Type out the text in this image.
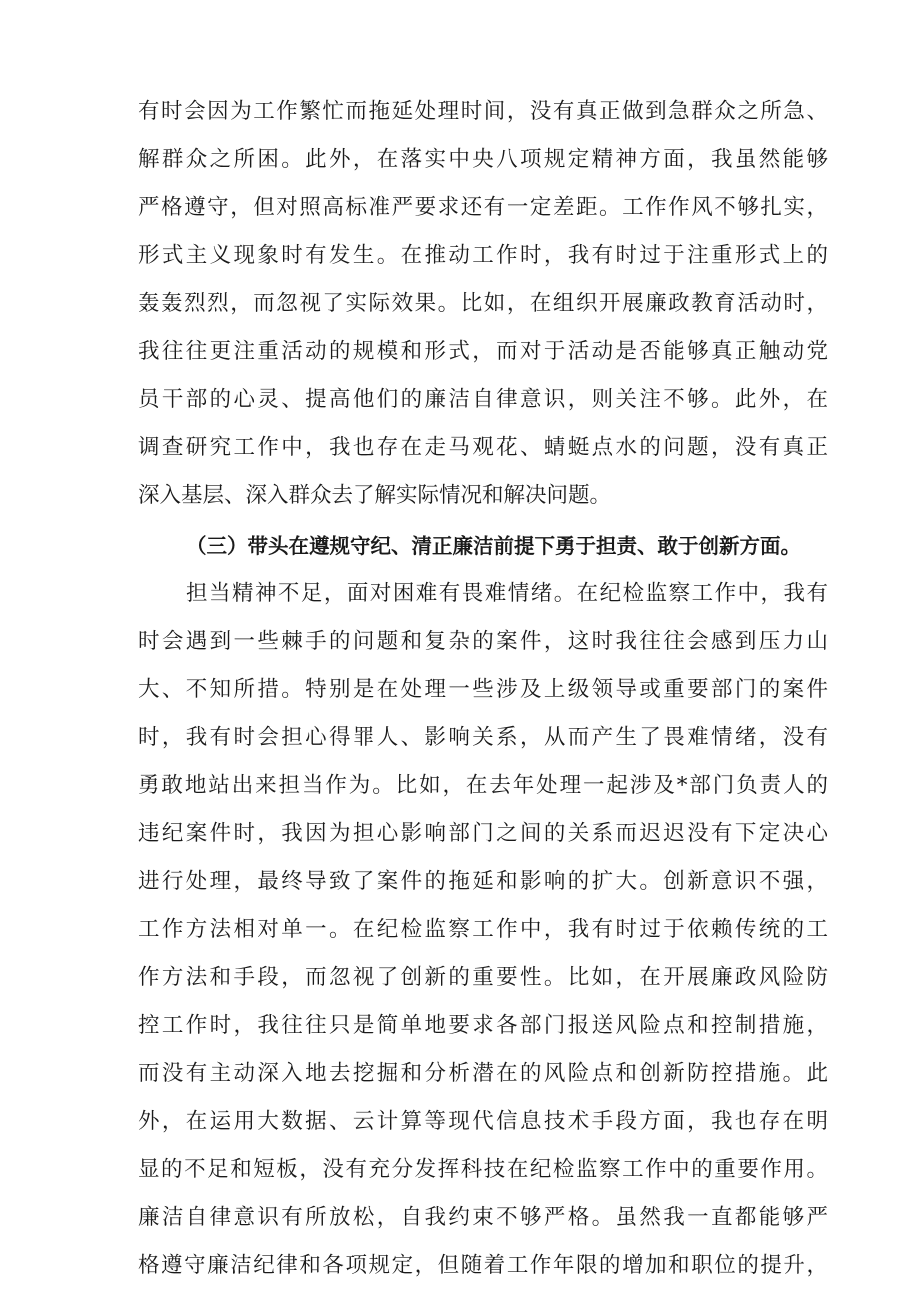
有时会因为工作繁忙而拖延处理时间，没有真正做到急群众之所急、
解群众之所困。此外，在落实中央八项规定精神方面，我虽然能够
严格遵守，但对照高标准严要求还有一定差距。工作作风不够扎实，
形式主义现象时有发生。在推动工作时，我有时过于注重形式上的
轰轰烈烈，而忽视了实际效果。比如，在组织开展廉政教育活动时，
我往往更注重活动的规模和形式，而对于活动是否能够真正触动党
员干部的心灵、提高他们的廉洁自律意识，则关注不够。此外，在
调查研究工作中，我也存在走马观花、蜻蜓点水的问题，没有真正
深入基层、深入群众去了解实际情况和解决问题。
（三）带头在遵规守纪、清正廉洁前提下勇于担责、敢于创新方面。
担当精神不足，面对困难有畏难情绪。在纪检监察工作中，我有
时会遇到一些棘手的问题和复杂的案件，这时我往往会感到压力山
大、不知所措。特别是在处理一些涉及上级领导或重要部门的案件
时，我有时会担心得罪人、影响关系，从而产生了畏难情绪，没有
勇敢地站出来担当作为。比如，在去年处理一起涉及*部门负责人的
违纪案件时，我因为担心影响部门之间的关系而迟迟没有下定决心
进行处理，最终导致了案件的拖延和影响的扩大。创新意识不强，
工作方法相对单一。在纪检监察工作中，我有时过于依赖传统的工
作方法和手段，而忽视了创新的重要性。比如，在开展廉政风险防
控工作时，我往往只是简单地要求各部门报送风险点和控制措施，
而没有主动深入地去挖掘和分析潜在的风险点和创新防控措施。此
外，在运用大数据、云计算等现代信息技术手段方面，我也存在明
显的不足和短板，没有充分发挥科技在纪检监察工作中的重要作用。
廉洁自律意识有所放松，自我约束不够严格。虽然我一直都能够严
格遵守廉洁纪律和各项规定，但随着工作年限的增加和职位的提升，
